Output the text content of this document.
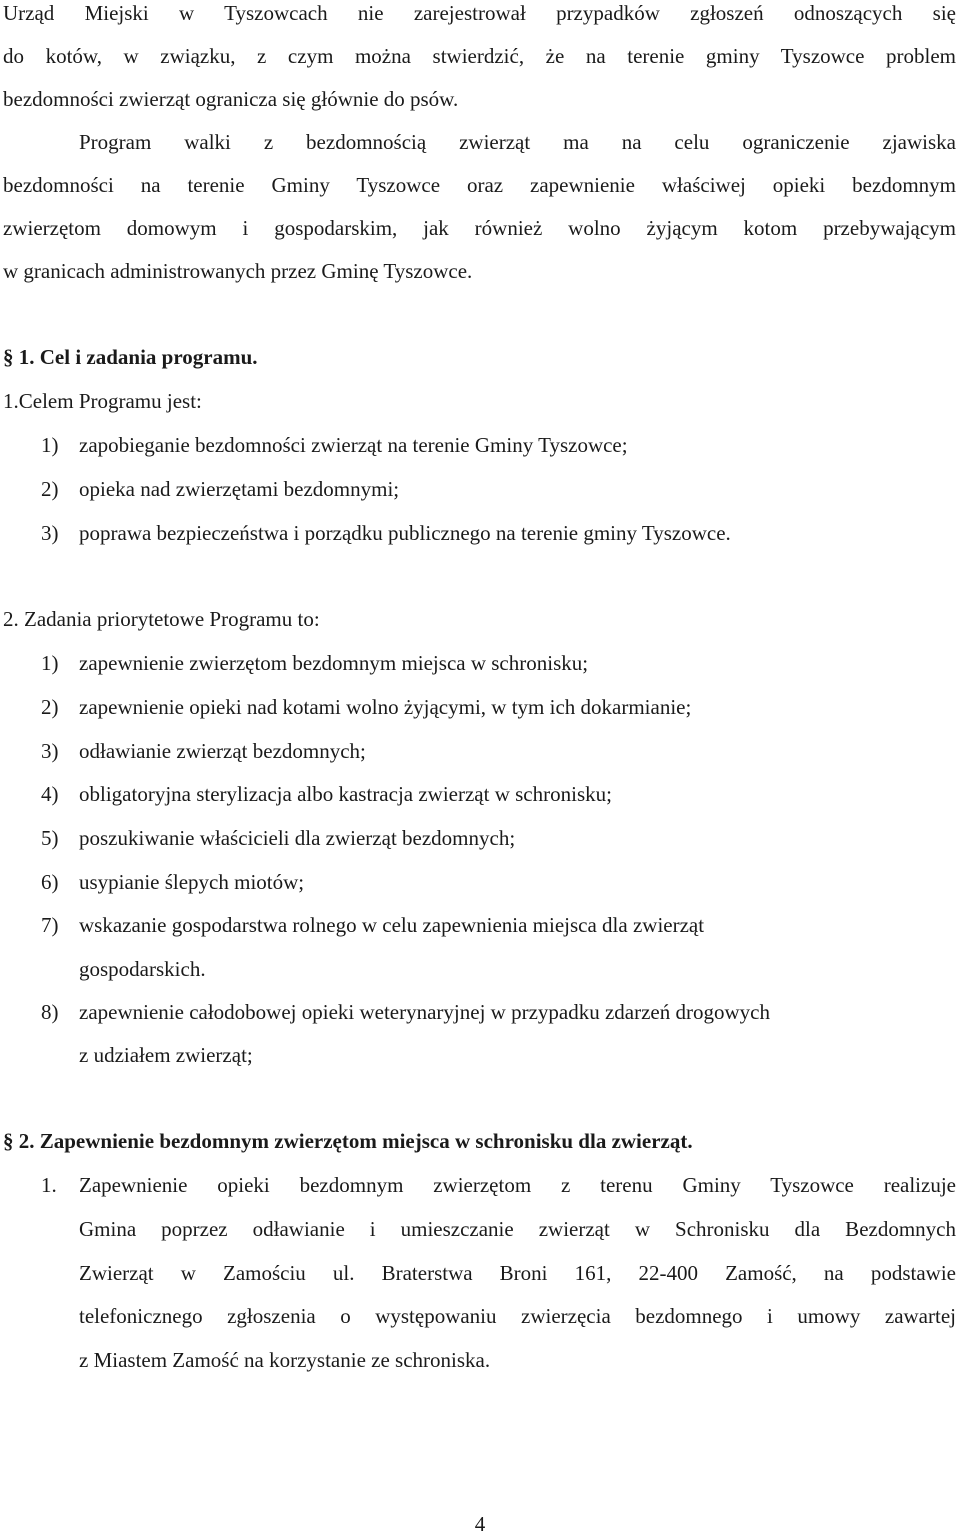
Urząd Miejski w Tyszowcach nie zarejestrował przypadków zgłoszeń odnoszących się
do kotów, w związku, z czym można stwierdzić, że na terenie gminy Tyszowce problem
bezdomności zwierząt ogranicza się głównie do psów.
Program walki z bezdomnością zwierząt ma na celu ograniczenie zjawiska
bezdomności na terenie Gminy Tyszowce oraz zapewnienie właściwej opieki bezdomnym
zwierzętom domowym i gospodarskim, jak również wolno żyjącym kotom przebywającym
w granicach administrowanych przez Gminę Tyszowce.
§ 1. Cel i zadania programu.
1.Celem Programu jest:
1) zapobieganie bezdomności zwierząt na terenie Gminy Tyszowce;
2) opieka nad zwierzętami bezdomnymi;
3) poprawa bezpieczeństwa i porządku publicznego na terenie gminy Tyszowce.
2. Zadania priorytetowe Programu to:
1) zapewnienie zwierzętom bezdomnym miejsca w schronisku;
2) zapewnienie opieki nad kotami wolno żyjącymi, w tym ich dokarmianie;
3) odławianie zwierząt bezdomnych;
4) obligatoryjna sterylizacja albo kastracja zwierząt w schronisku;
5) poszukiwanie właścicieli dla zwierząt bezdomnych;
6) usypianie ślepych miotów;
7) wskazanie gospodarstwa rolnego w celu zapewnienia miejsca dla zwierząt
gospodarskich.
8) zapewnienie całodobowej opieki weterynaryjnej w przypadku zdarzeń drogowych
z udziałem zwierząt;
§ 2. Zapewnienie bezdomnym zwierzętom miejsca w schronisku dla zwierząt.
1. Zapewnienie opieki bezdomnym zwierzętom z terenu Gminy Tyszowce realizuje
Gmina poprzez odławianie i umieszczanie zwierząt w Schronisku dla Bezdomnych
Zwierząt w Zamościu ul. Braterstwa Broni 161, 22-400 Zamość, na podstawie
telefonicznego zgłoszenia o występowaniu zwierzęcia bezdomnego i umowy zawartej
z Miastem Zamość na korzystanie ze schroniska.
4
